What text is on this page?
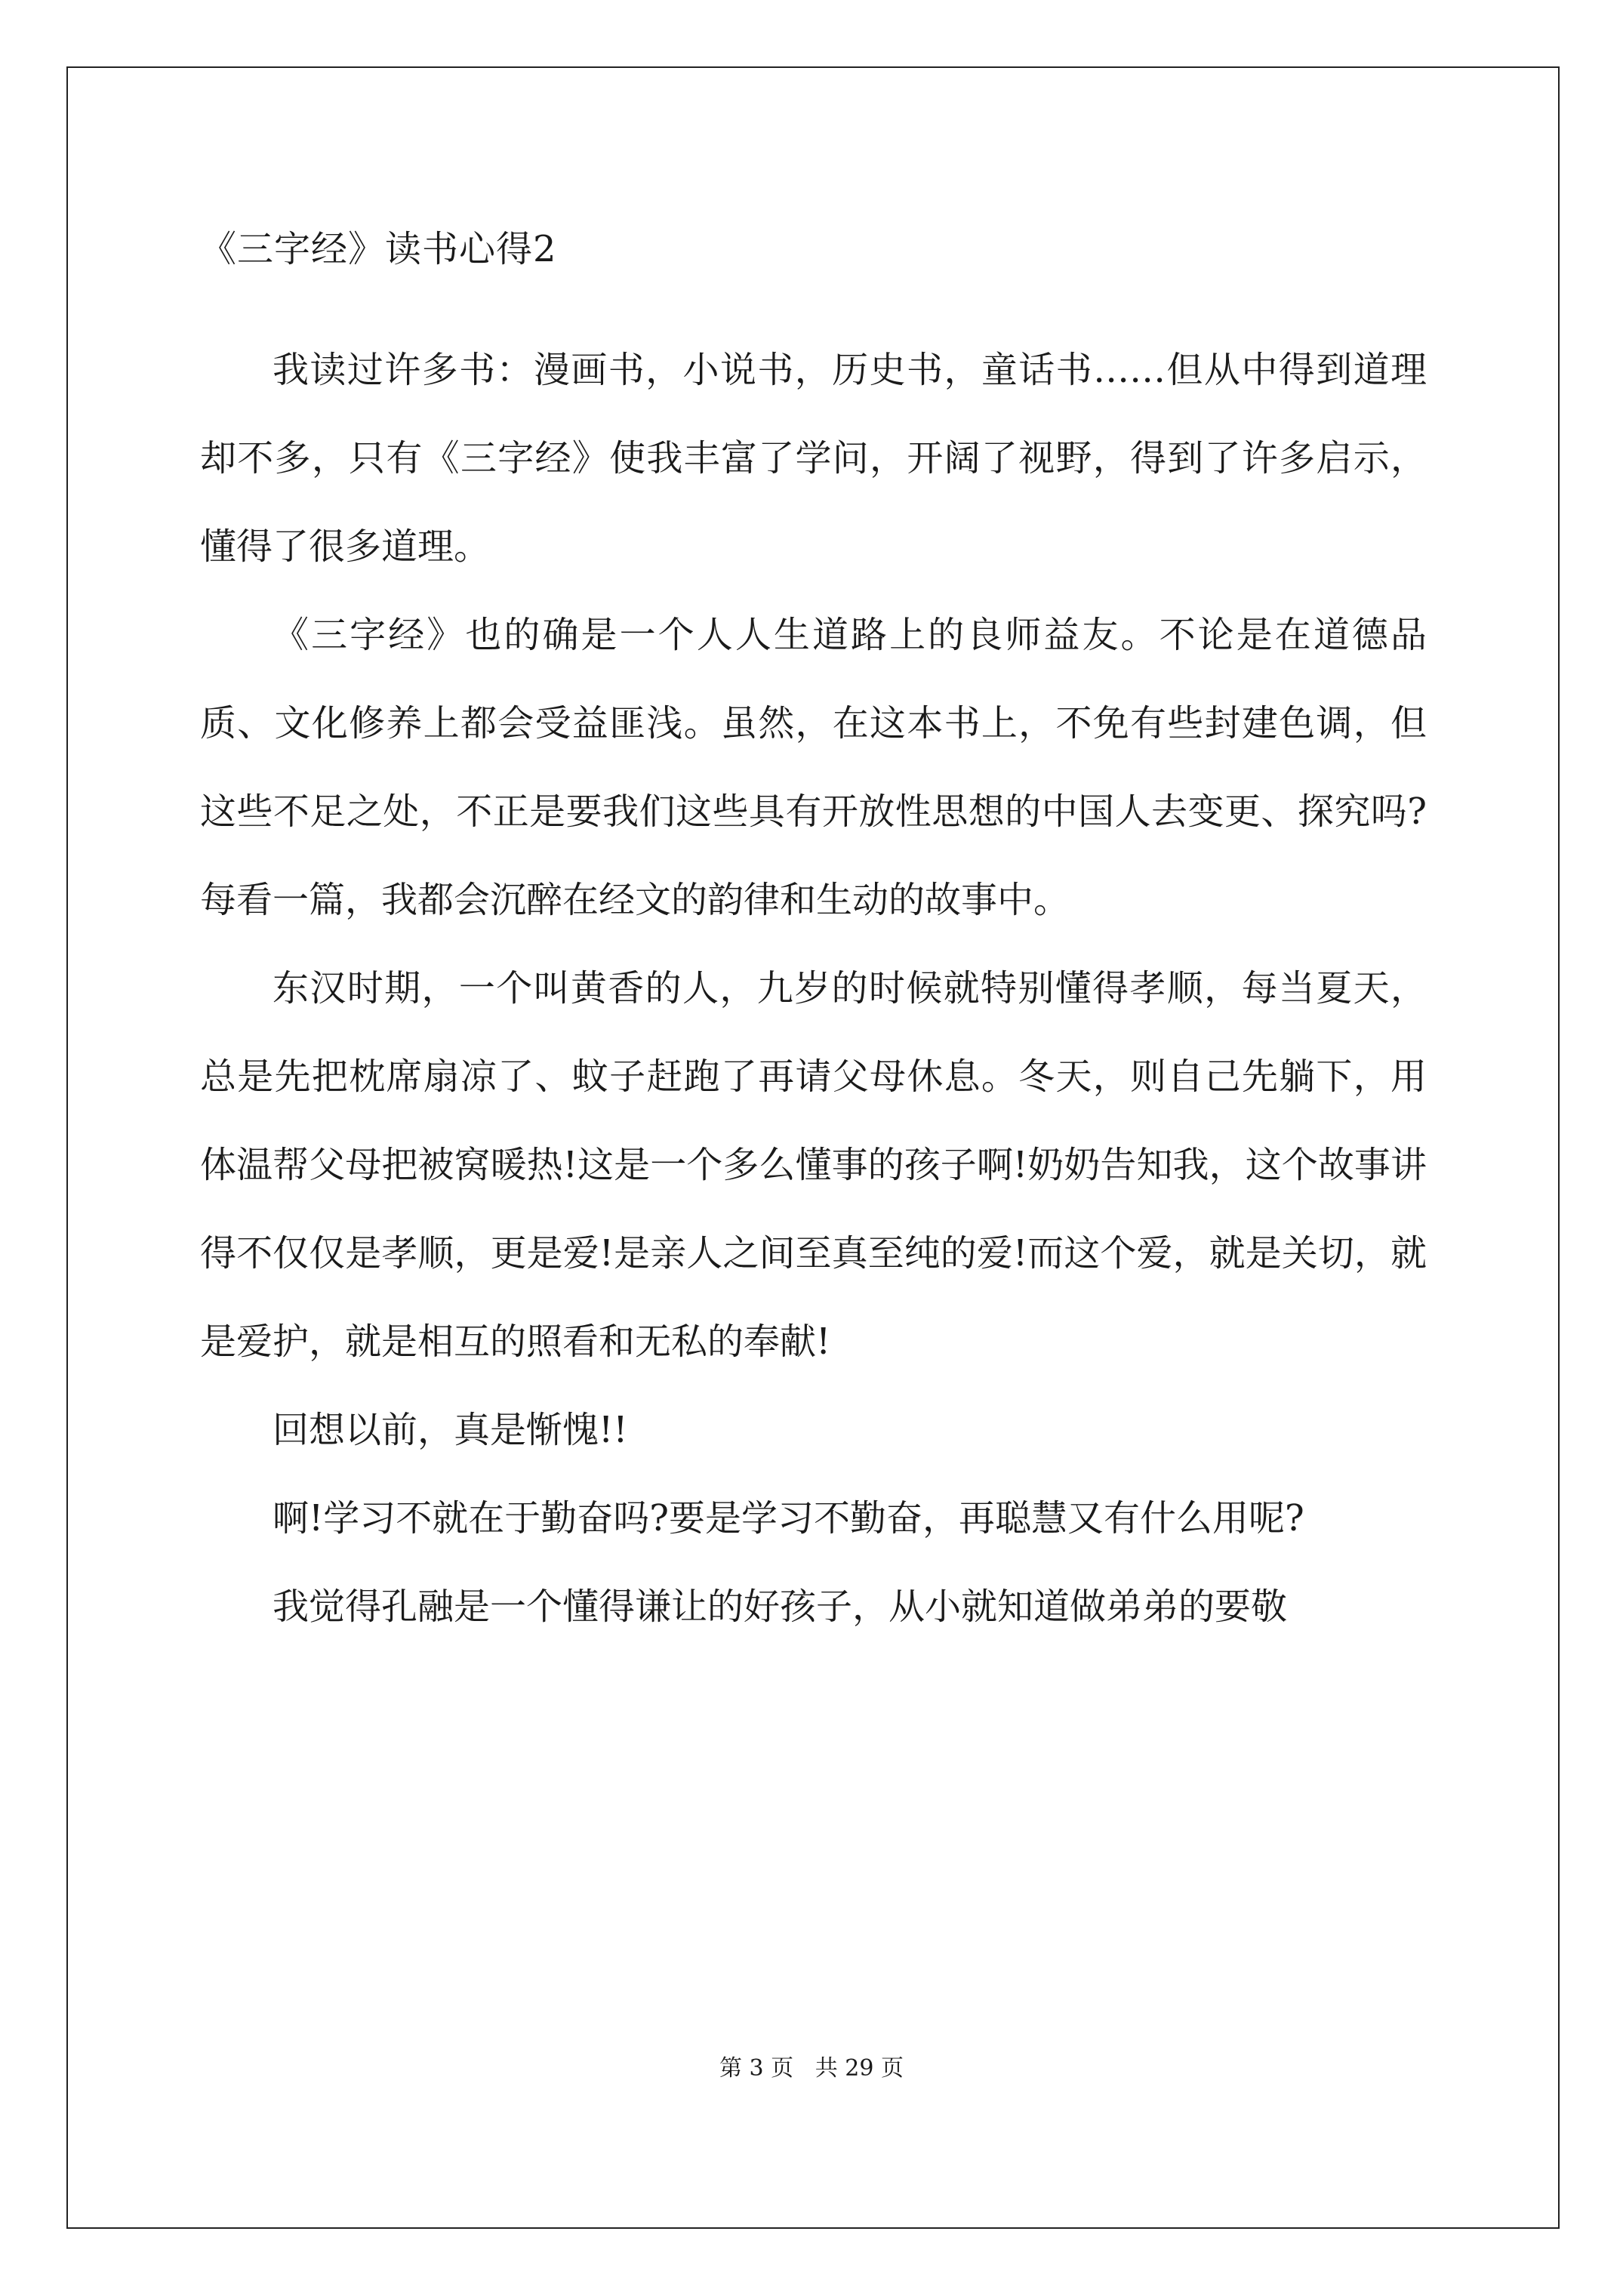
《三字经》读书心得2

我读过许多书：漫画书，小说书，历史书，童话书……但从中得到道理却不多，只有《三字经》使我丰富了学问，开阔了视野，得到了许多启示，懂得了很多道理。

《三字经》也的确是一个人人生道路上的良师益友。不论是在道德品质、文化修养上都会受益匪浅。虽然，在这本书上，不免有些封建色调，但这些不足之处，不正是要我们这些具有开放性思想的中国人去变更、探究吗?每看一篇，我都会沉醉在经文的韵律和生动的故事中。

东汉时期，一个叫黄香的人，九岁的时候就特别懂得孝顺，每当夏天，总是先把枕席扇凉了、蚊子赶跑了再请父母休息。冬天，则自己先躺下，用体温帮父母把被窝暖热!这是一个多么懂事的孩子啊!奶奶告知我，这个故事讲得不仅仅是孝顺，更是爱!是亲人之间至真至纯的爱!而这个爱，就是关切，就是爱护，就是相互的照看和无私的奉献!

回想以前，真是惭愧!!

啊!学习不就在于勤奋吗?要是学习不勤奋，再聪慧又有什么用呢?

我觉得孔融是一个懂得谦让的好孩子，从小就知道做弟弟的要敬

第 3 页   共 29 页
